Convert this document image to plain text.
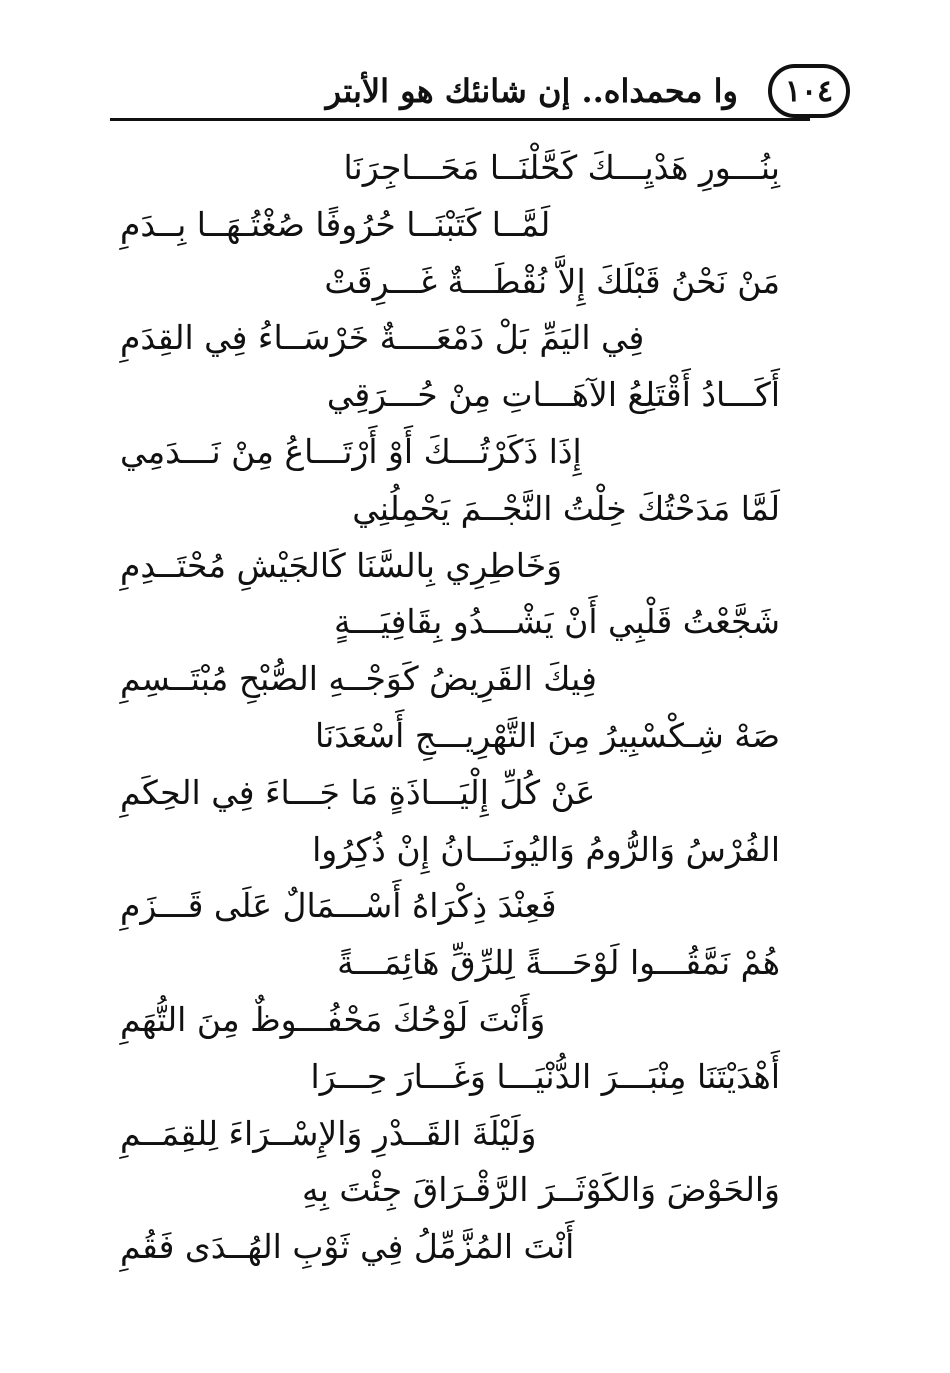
١٠٤
وا محمداه.. إن شانئك هو الأبتر
بِنُـــورِ هَدْيِـــكَ كَحَّلْنَــا مَحَـــاجِرَنَا
لَمَّــا كَتَبْنَــا حُرُوفًا صُغْتُـهَــا بِــدَمِ
مَنْ نَحْنُ قَبْلَكَ إِلاَّ نُقْطَـــةٌ غَـــرِقَتْ
فِي اليَمِّ بَلْ دَمْعَــــةٌ خَرْسَــاءُ فِي القِدَمِ
أَكَـــادُ أَقْتَلِعُ الآهَـــاتِ مِنْ حُـــرَقِي
إِذَا ذَكَرْتُـــكَ أَوْ أَرْتَـــاعُ مِنْ نَـــدَمِي
لَمَّا مَدَحْتُكَ خِلْتُ النَّجْــمَ يَحْمِلُنِي
وَخَاطِرِي بِالسَّنَا كَالجَيْشِ مُحْتَــدِمِ
شَجَّعْتُ قَلْبِي أَنْ يَشْـــدُو بِقَافِيَـــةٍ
فِيكَ القَرِيضُ كَوَجْــهِ الصُّبْحِ مُبْتَــسِمِ
صَهْ شِـكْسْبِيرُ مِنَ التَّهْرِيـــجِ أَسْعَدَنَا
عَنْ كُلِّ إِلْيَـــاذَةٍ مَا جَـــاءَ فِي الحِكَمِ
الفُرْسُ وَالرُّومُ وَاليُونَـــانُ إِنْ ذُكِرُوا
فَعِنْدَ ذِكْرَاهُ أَسْـــمَالٌ عَلَى قَـــزَمِ
هُمْ نَمَّقُـــوا لَوْحَـــةً لِلرِّقِّ هَائِمَـــةً
وَأَنْتَ لَوْحُكَ مَحْفُـــوظٌ مِنَ التُّهَمِ
أَهْدَيْتَنَا مِنْبَـــرَ الدُّنْيَـــا وَغَـــارَ حِـــرَا
وَلَيْلَةَ القَــدْرِ وَالإِسْــرَاءَ لِلقِمَــمِ
وَالحَوْضَ وَالكَوْثَــرَ الرَّقْـرَاقَ جِئْتَ بِهِ
أَنْتَ المُزَّمِّلُ فِي ثَوْبِ الهُــدَى فَقُمِ
